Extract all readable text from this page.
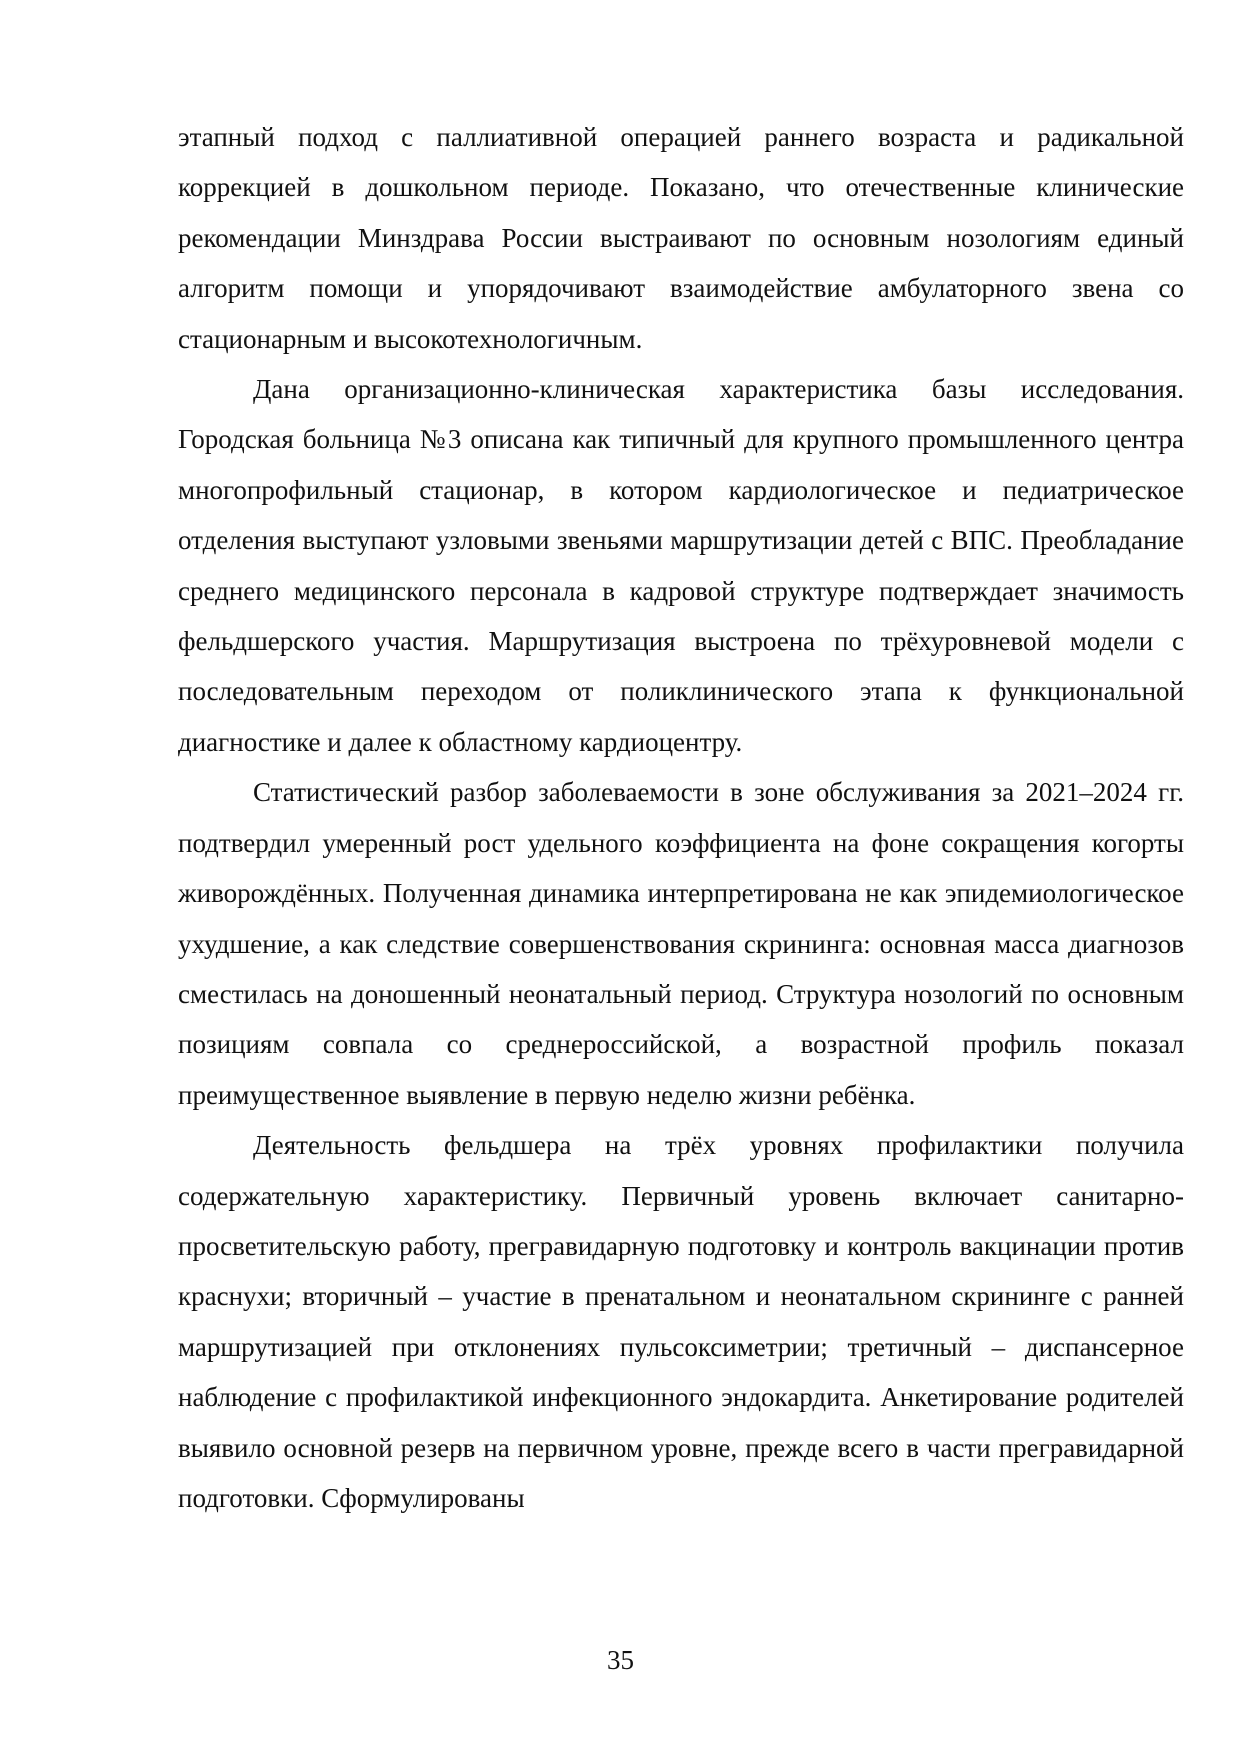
этапный подход с паллиативной операцией раннего возраста и радикальной коррекцией в дошкольном периоде. Показано, что отечественные клинические рекомендации Минздрава России выстраивают по основным нозологиям единый алгоритм помощи и упорядочивают взаимодействие амбулаторного звена со стационарным и высокотехнологичным.

Дана организационно-клиническая характеристика базы исследования. Городская больница №3 описана как типичный для крупного промышленного центра многопрофильный стационар, в котором кардиологическое и педиатрическое отделения выступают узловыми звеньями маршрутизации детей с ВПС. Преобладание среднего медицинского персонала в кадровой структуре подтверждает значимость фельдшерского участия. Маршрутизация выстроена по трёхуровневой модели с последовательным переходом от поликлинического этапа к функциональной диагностике и далее к областному кардиоцентру.

Статистический разбор заболеваемости в зоне обслуживания за 2021–2024 гг. подтвердил умеренный рост удельного коэффициента на фоне сокращения когорты живорождённых. Полученная динамика интерпретирована не как эпидемиологическое ухудшение, а как следствие совершенствования скрининга: основная масса диагнозов сместилась на доношенный неонатальный период. Структура нозологий по основным позициям совпала со среднероссийской, а возрастной профиль показал преимущественное выявление в первую неделю жизни ребёнка.

Деятельность фельдшера на трёх уровнях профилактики получила содержательную характеристику. Первичный уровень включает санитарно-просветительскую работу, прегравидарную подготовку и контроль вакцинации против краснухи; вторичный – участие в пренатальном и неонатальном скрининге с ранней маршрутизацией при отклонениях пульсоксиметрии; третичный – диспансерное наблюдение с профилактикой инфекционного эндокардита. Анкетирование родителей выявило основной резерв на первичном уровне, прежде всего в части прегравидарной подготовки. Сформулированы

35
